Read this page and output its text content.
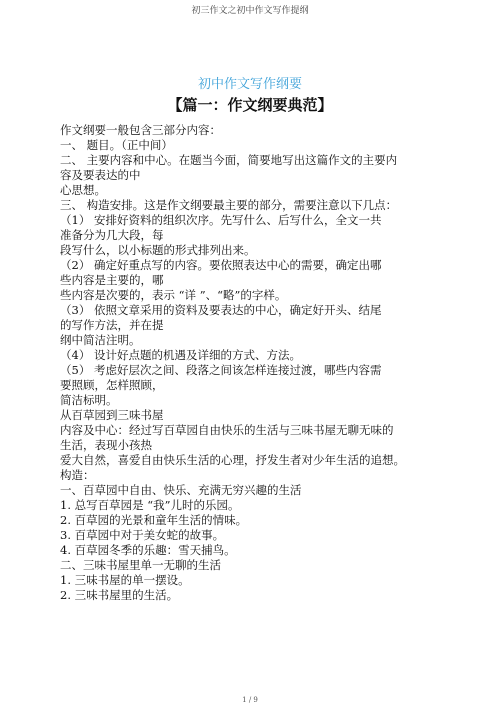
初三作文之初中作文写作提纲
初中作文写作纲要
【篇一：作文纲要典范】
作文纲要一般包含三部分内容：
一、 题目。（正中间）
二、 主要内容和中心。在题当今面，简要地写出这篇作文的主要内
容及要表达的中
心思想。
三、 构造安排。这是作文纲要最主要的部分，需要注意以下几点：
（1） 安排好资料的组织次序。先写什么、后写什么，全文一共
准备分为几大段，每
段写什么，以小标题的形式排列出来。
（2） 确定好重点写的内容。要依照表达中心的需要，确定出哪
些内容是主要的，哪
些内容是次要的，表示 “详 ”、“略”的字样。
（3） 依照文章采用的资料及要表达的中心，确定好开头、结尾
的写作方法，并在提
纲中简洁注明。
（4） 设计好点题的机遇及详细的方式、方法。
（5） 考虑好层次之间、段落之间该怎样连接过渡，哪些内容需
要照顾，怎样照顾，
简洁标明。
从百草园到三味书屋
内容及中心：经过写百草园自由快乐的生活与三味书屋无聊无味的
生活，表现小孩热
爱大自然，喜爱自由快乐生活的心理，抒发生者对少年生活的追想。
构造：
一、百草园中自由、快乐、充满无穷兴趣的生活
1. 总写百草园是 “我”儿时的乐园。
2. 百草园的光景和童年生活的情味。
3. 百草园中对于美女蛇的故事。
4. 百草园冬季的乐趣：雪天捕鸟。
二、三味书屋里单一无聊的生活
1. 三味书屋的单一摆设。
2. 三味书屋里的生活。
1 / 9
